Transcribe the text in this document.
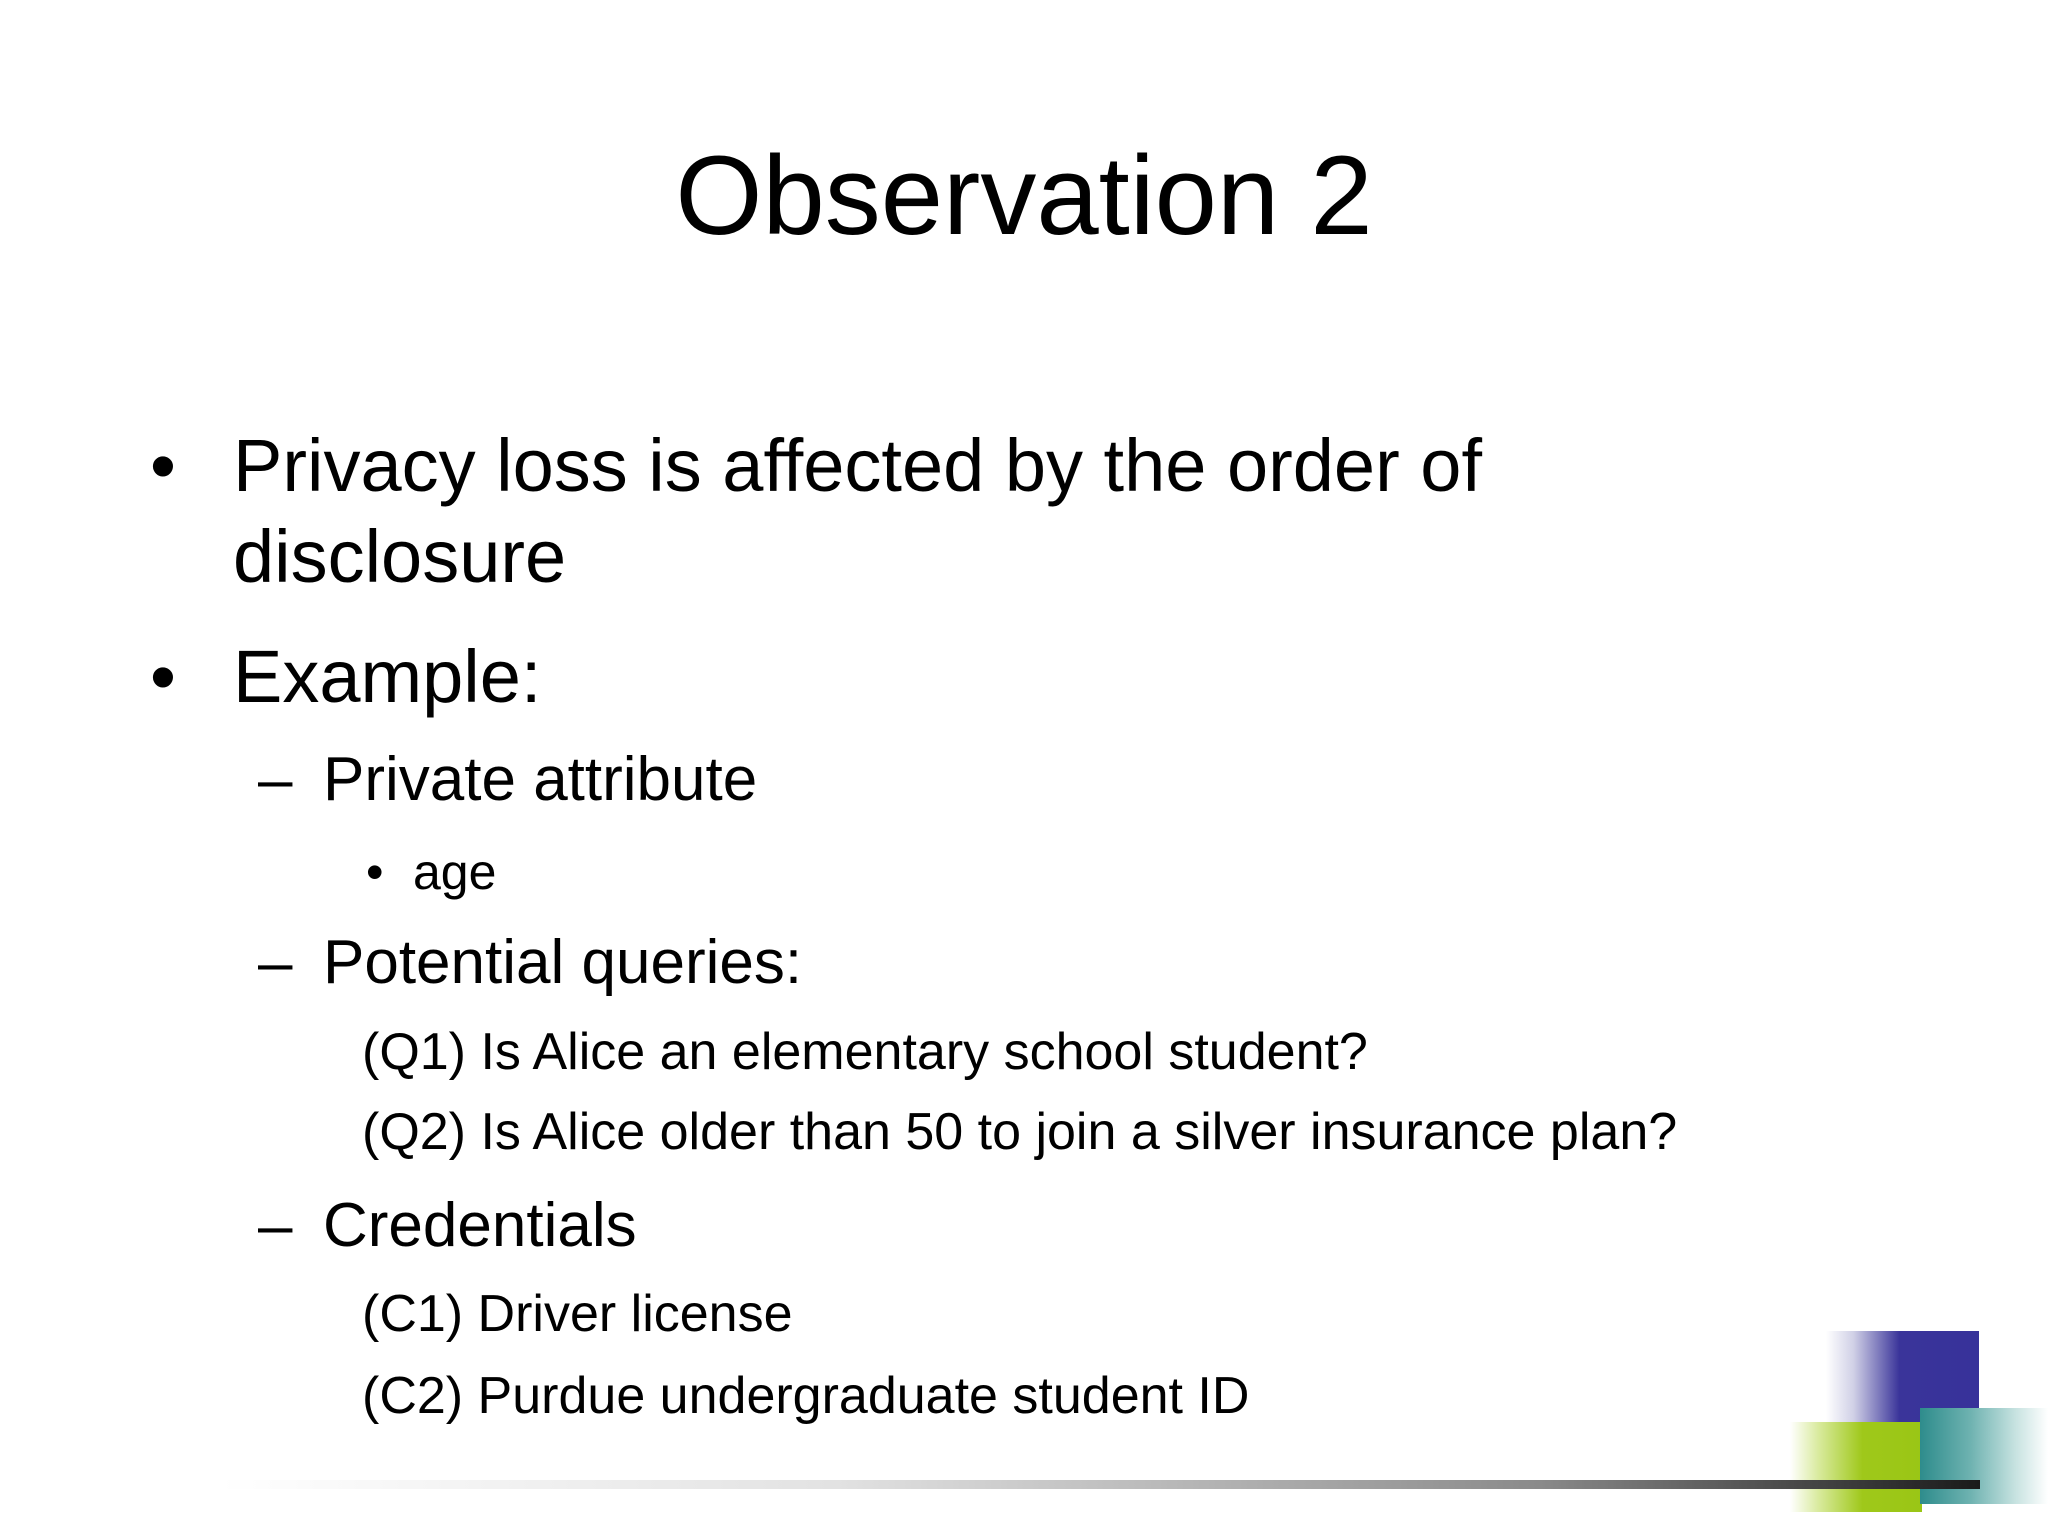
Observation 2
• Privacy loss is affected by the order of
disclosure
• Example:
– Private attribute
• age
– Potential queries:
(Q1) Is Alice an elementary school student?
(Q2) Is Alice older than 50 to join a silver insurance plan?
– Credentials
(C1) Driver license
(C2) Purdue undergraduate student ID
